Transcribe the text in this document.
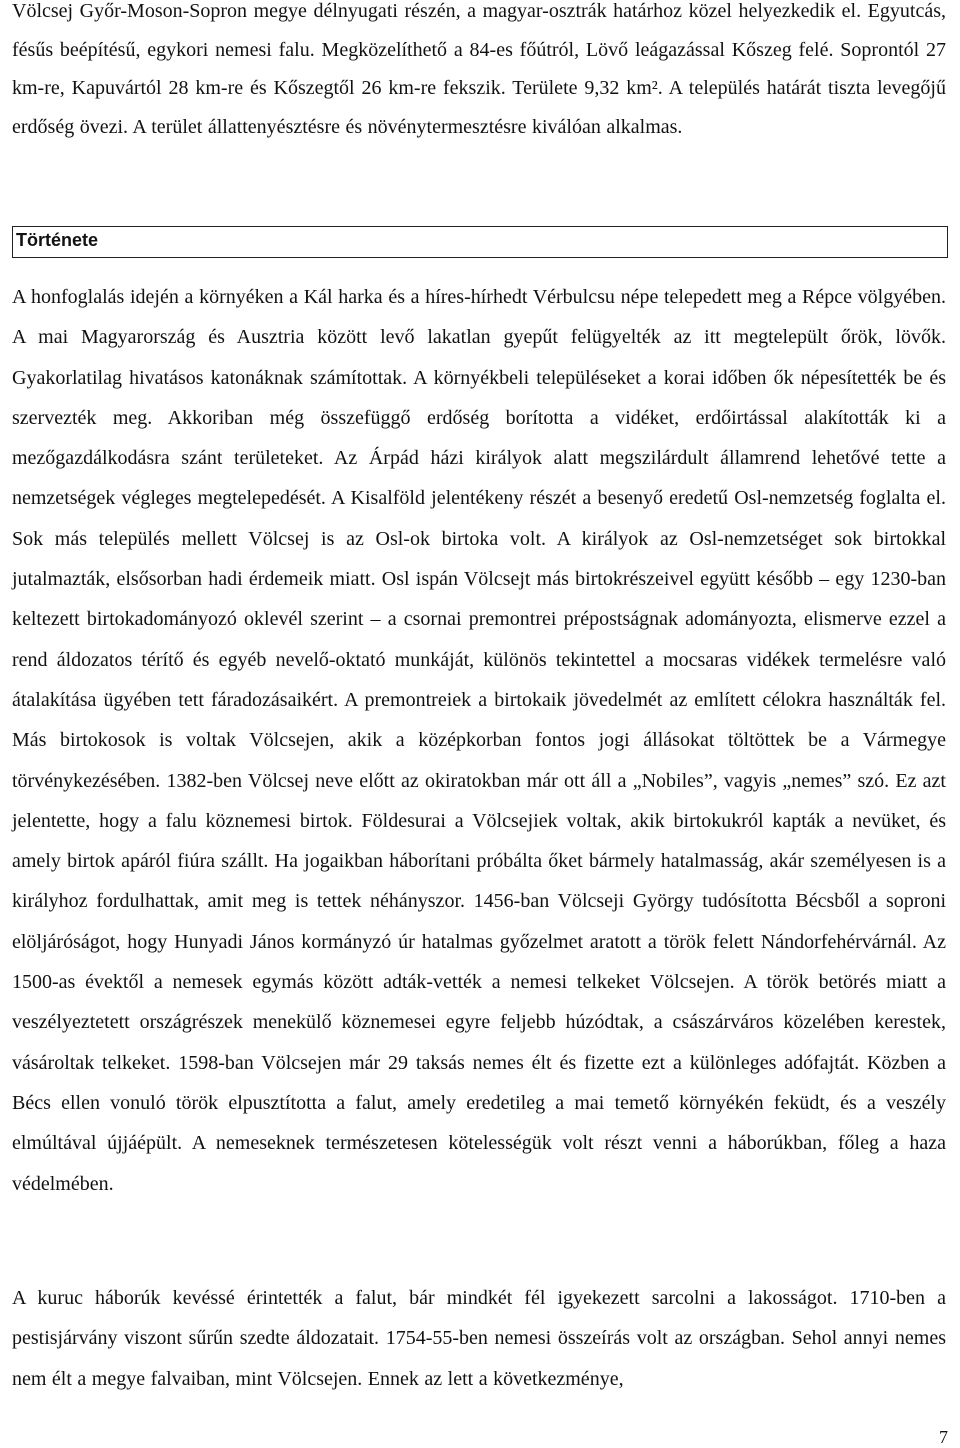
Völcsej Győr-Moson-Sopron megye délnyugati részén, a magyar-osztrák határhoz közel helyezkedik el. Egyutcás, fésűs beépítésű, egykori nemesi falu. Megközelíthető a 84-es főútról, Lövő leágazással Kőszeg felé. Soprontól 27 km-re, Kapuvártól 28 km-re és Kőszegtől 26 km-re fekszik. Területe 9,32 km². A település határát tiszta levegőjű erdőség övezi. A terület állattenyésztésre és növénytermesztésre kiválóan alkalmas.

Története

A honfoglalás idején a környéken a Kál harka és a híres-hírhedt Vérbulcsu népe telepedett meg a Répce völgyében. A mai Magyarország és Ausztria között levő lakatlan gyepűt felügyelték az itt megtelepült őrök, lövők. Gyakorlatilag hivatásos katonáknak számítottak. A környékbeli településeket a korai időben ők népesítették be és szervezték meg. Akkoriban még összefüggő erdőség borította a vidéket, erdőirtással alakították ki a mezőgazdálkodásra szánt területeket. Az Árpád házi királyok alatt megszilárdult államrend lehetővé tette a nemzetségek végleges megtelepedését. A Kisalföld jelentékeny részét a besenyő eredetű Osl-nemzetség foglalta el. Sok más település mellett Völcsej is az Osl-ok birtoka volt. A királyok az Osl-nemzetséget sok birtokkal jutalmazták, elsősorban hadi érdemeik miatt. Osl ispán Völcsejt más birtokrészeivel együtt később – egy 1230-ban keltezett birtokadományozó oklevél szerint – a csornai premontrei prépostságnak adományozta, elismerve ezzel a rend áldozatos térítő és egyéb nevelő-oktató munkáját, különös tekintettel a mocsaras vidékek termelésre való átalakítása ügyében tett fáradozásaikért. A premontreiek a birtokaik jövedelmét az említett célokra használták fel. Más birtokosok is voltak Völcsejen, akik a középkorban fontos jogi állásokat töltöttek be a Vármegye törvénykezésében. 1382-ben Völcsej neve előtt az okiratokban már ott áll a „Nobiles”, vagyis „nemes” szó. Ez azt jelentette, hogy a falu köznemesi birtok. Földesurai a Völcsejiek voltak, akik birtokukról kapták a nevüket, és amely birtok apáról fiúra szállt. Ha jogaikban háborítani próbálta őket bármely hatalmasság, akár személyesen is a királyhoz fordulhattak, amit meg is tettek néhányszor. 1456-ban Völcseji György tudósította Bécsből a soproni elöljáróságot, hogy Hunyadi János kormányzó úr hatalmas győzelmet aratott a török felett Nándorfehérvárnál. Az 1500-as évektől a nemesek egymás között adták-vették a nemesi telkeket Völcsejen. A török betörés miatt a veszélyeztetett országrészek menekülő köznemesei egyre feljebb húzódtak, a császárváros közelében kerestek, vásároltak telkeket. 1598-ban Völcsejen már 29 taksás nemes élt és fizette ezt a különleges adófajtát. Közben a Bécs ellen vonuló török elpusztította a falut, amely eredetileg a mai temető környékén feküdt, és a veszély elmúltával újjáépült. A nemeseknek természetesen kötelességük volt részt venni a háborúkban, főleg a haza védelmében.

A kuruc háborúk kevéssé érintették a falut, bár mindkét fél igyekezett sarcolni a lakosságot. 1710-ben a pestisjárvány viszont sűrűn szedte áldozatait. 1754-55-ben nemesi összeírás volt az országban. Sehol annyi nemes nem élt a megye falvaiban, mint Völcsejen. Ennek az lett a következménye,

7
